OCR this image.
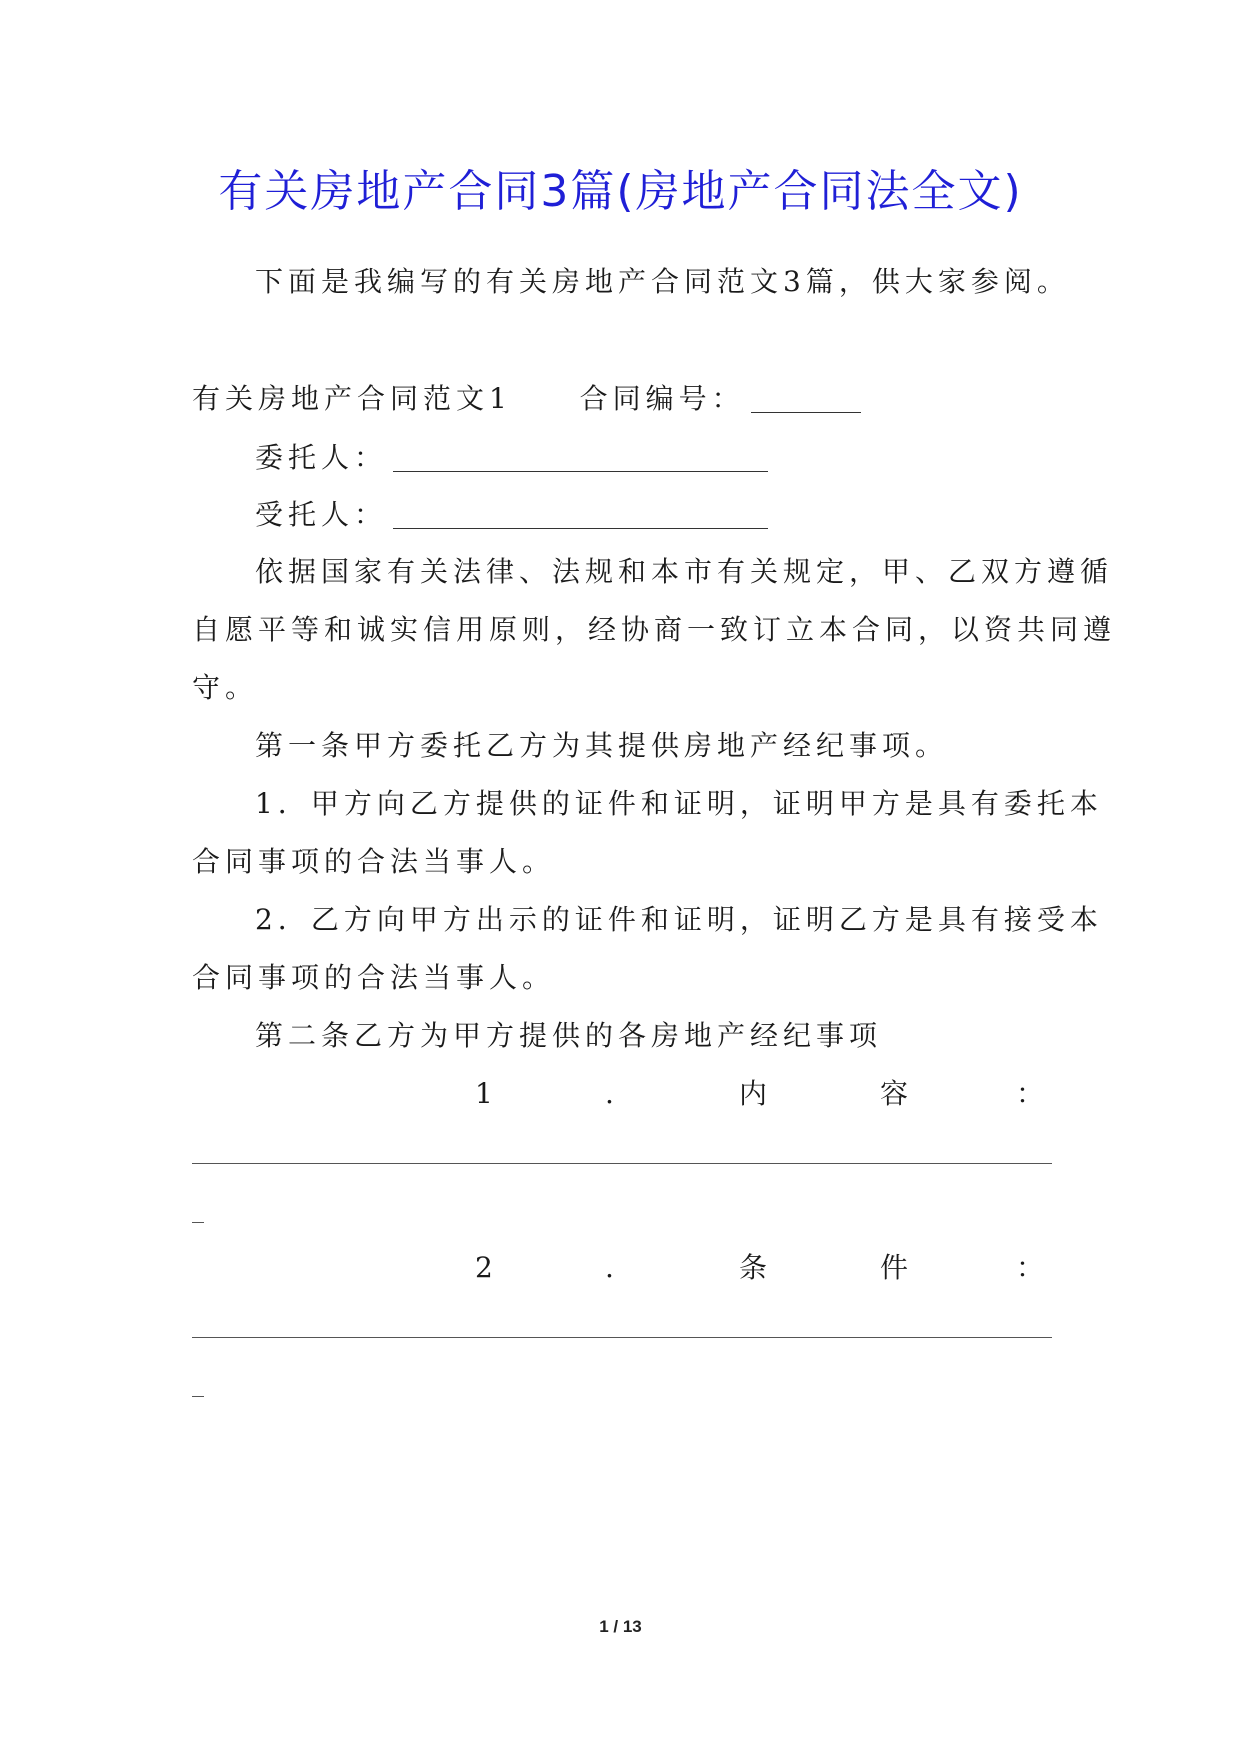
有关房地产合同3篇(房地产合同法全文)
下面是我编写的有关房地产合同范文3篇，供大家参阅。
有关房地产合同范文1 合同编号：
委托人：
受托人：
依据国家有关法律、法规和本市有关规定，甲、乙双方遵循
自愿平等和诚实信用原则，经协商一致订立本合同，以资共同遵
守。
第一条甲方委托乙方为其提供房地产经纪事项。
1．甲方向乙方提供的证件和证明，证明甲方是具有委托本
合同事项的合法当事人。
2．乙方向甲方出示的证件和证明，证明乙方是具有接受本
合同事项的合法当事人。
第二条乙方为甲方提供的各房地产经纪事项
1	.	内	容	：
2	.	条	件	：
1 / 13
